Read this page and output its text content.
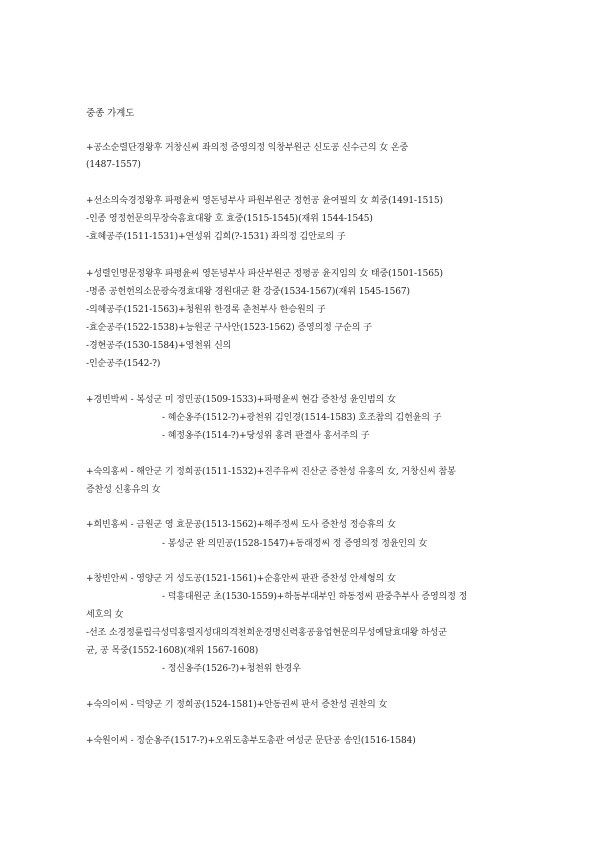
중종 가계도
+공소순렬단경왕후 거창신씨 좌의정 증영의정 익창부원군 신도공 신수근의 女 온중
(1487-1557)
+선소의숙경정왕후 파평윤씨 영돈녕부사 파원부원군 정헌공 윤여필의 女 희중(1491-1515)
-인종 영정헌문의무장숙흠효대왕 호 효중(1515-1545)(재위 1544-1545)
-효혜공주(1511-1531)+연성위 김희(?-1531) 좌의정 김안로의 子
+성렬인명문정왕후 파평윤씨 영돈녕부사 파산부원군 정평공 윤지임의 女 태중(1501-1565)
-명종 공헌헌의소문광숙경효대왕 경원대군 환 강중(1534-1567)(재위 1545-1567)
-의혜공주(1521-1563)+청원위 한경록 춘천부사 한승원의 子
-효순공주(1522-1538)+능원군 구사안(1523-1562) 증영의정 구순의 子
-경현공주(1530-1584)+영천위 신의
-인순공주(1542-?)
+경빈박씨 - 복성군 미 정민공(1509-1533)+파평윤씨 현감 증찬성 윤인범의 女
- 혜순옹주(1512-?)+광천위 김인경(1514-1583) 호조참의 김헌윤의 子
- 혜정옹주(1514-?)+당성위 홍려 판결사 홍서주의 子
+숙의홍씨 - 해안군 기 정희공(1511-1532)+진주유씨 진산군 증찬성 유홍의 女, 거창신씨 참봉
증찬성 신홍유의 女
+희빈홍씨 - 금원군 영 효문공(1513-1562)+해주정씨 도사 증찬성 정승휴의 女
- 봉성군 완 의민공(1528-1547)+동래정씨 정 증영의정 정윤인의 女
+창빈안씨 - 영양군 거 성도공(1521-1561)+순흥안씨 판관 증찬성 안세형의 女
- 덕흥대원군 초(1530-1559)+하동부대부인 하동정씨 판중추부사 증영의정 정
세호의 女
-선조 소경정륜립극성덕홍렬지성대의격천희운경명신력홍공융업현문의무성예달효대왕 하성군
균, 공 목중(1552-1608)(재위 1567-1608)
- 정신옹주(1526-?)+청천위 한경우
+숙의이씨 - 덕양군 기 정희공(1524-1581)+안동권씨 판서 증찬성 권찬의 女
+숙원이씨 - 정순옹주(1517-?)+오위도총부도총관 여성군 문단공 송인(1516-1584)
